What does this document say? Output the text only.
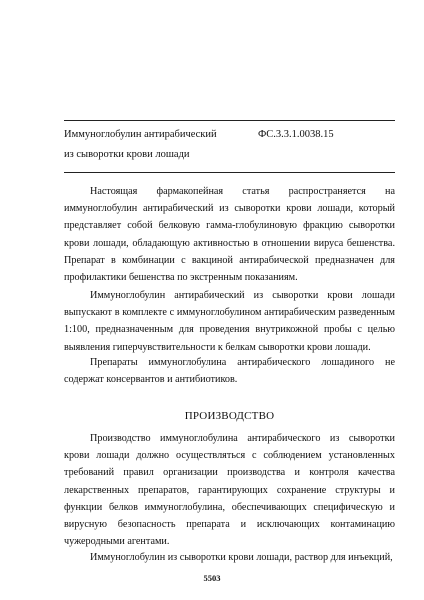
Иммуноглобулин антирабический
из сыворотки крови лошади
ФС.3.3.1.0038.15

Настоящая фармакопейная статья распространяется на иммуноглобулин антирабический из сыворотки крови лошади, который представляет собой белковую гамма-глобулиновую фракцию сыворотки крови лошади, обладающую активностью в отношении вируса бешенства. Препарат в комбинации с вакциной антирабической предназначен для профилактики бешенства по экстренным показаниям.

Иммуноглобулин антирабический из сыворотки крови лошади выпускают в комплекте с иммуноглобулином антирабическим разведенным 1:100, предназначенным для проведения внутрикожной пробы с целью выявления гиперчувствительности к белкам сыворотки крови лошади.

Препараты иммуноглобулина антирабического лошадиного не содержат консервантов и антибиотиков.

ПРОИЗВОДСТВО

Производство иммуноглобулина антирабического из сыворотки крови лошади должно осуществляться с соблюдением установленных требований правил организации производства и контроля качества лекарственных препаратов, гарантирующих сохранение структуры и функции белков иммуноглобулина, обеспечивающих специфическую и вирусную безопасность препарата и исключающих контаминацию чужеродными агентами.

Иммуноглобулин из сыворотки крови лошади, раствор для инъекций,

5503
